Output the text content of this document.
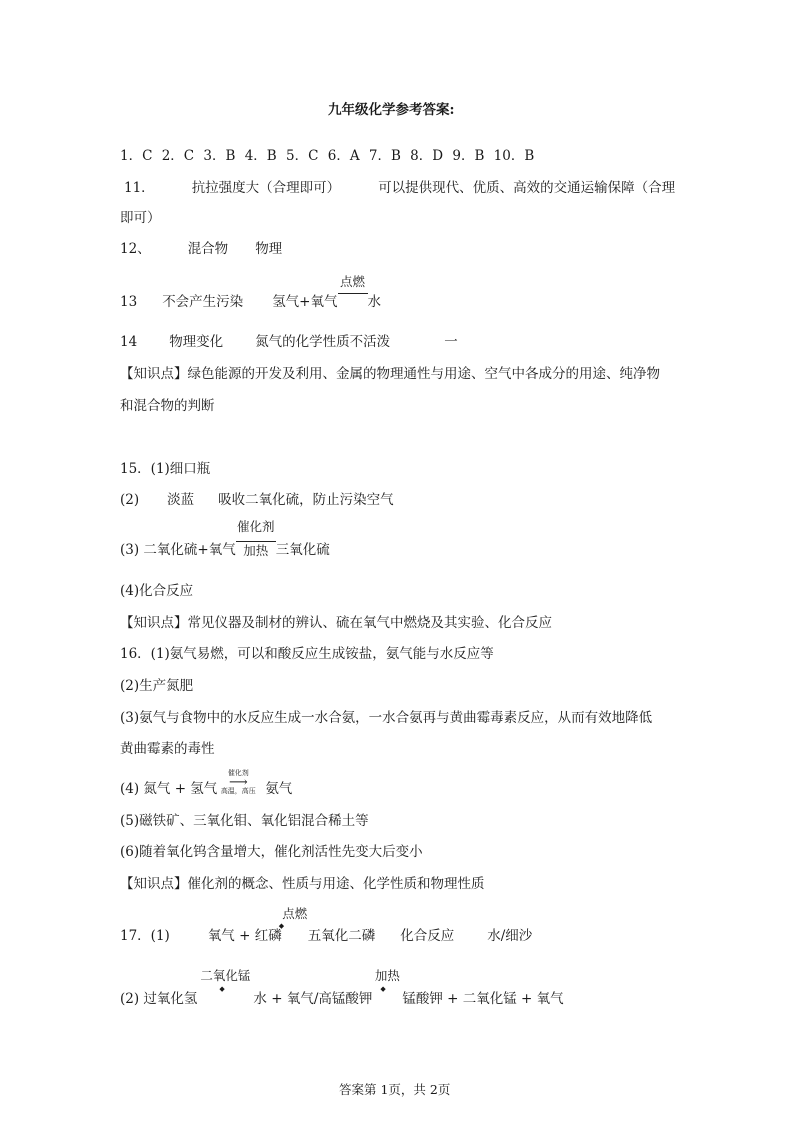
九年级化学参考答案:
1．C 2．C 3．B 4．B 5．C 6．A 7．B 8．D 9．B 10．B
11．	抗拉强度大（合理即可）	可以提供现代、优质、高效的交通运输保障（合理
即可）
12、	混合物 物理
13 不会产生污染 氢气+氧气
点燃
水
14 物理变化 氮气的化学性质不活泼	一
【知识点】绿色能源的开发及利用、金属的物理通性与用途、空气中各成分的用途、纯净物
和混合物的判断
15．(1)细口瓶
(2) 淡蓝 吸收二氧化硫，防止污染空气
(3) 二氧化硫+氧气
催化剂
加热 三氧化硫
(4)化合反应
【知识点】常见仪器及制材的辨认、硫在氧气中燃烧及其实验、化合反应
16．(1)氨气易燃，可以和酸反应生成铵盐，氨气能与水反应等
(2)生产氮肥
(3)氨气与食物中的水反应生成一水合氨，一水合氨再与黄曲霉毒素反应，从而有效地降低
黄曲霉素的毒性
(4) 氮气 + 氢气
催化剂
⟶
高温，高压 氨气
(5)磁铁矿、三氧化钼、氧化铝混合稀土等
(6)随着氧化钨含量增大，催化剂活性先变大后变小
【知识点】催化剂的概念、性质与用途、化学性质和物理性质
17．(1)	氧气 + 红磷
点燃
◆
五氧化二磷 化合反应 水/细沙
(2) 过氧化氢
二氧化锰
◆
水 + 氧气/高锰酸钾
加热
◆
锰酸钾 + 二氧化锰 + 氧气
答案第 1页，共 2页
